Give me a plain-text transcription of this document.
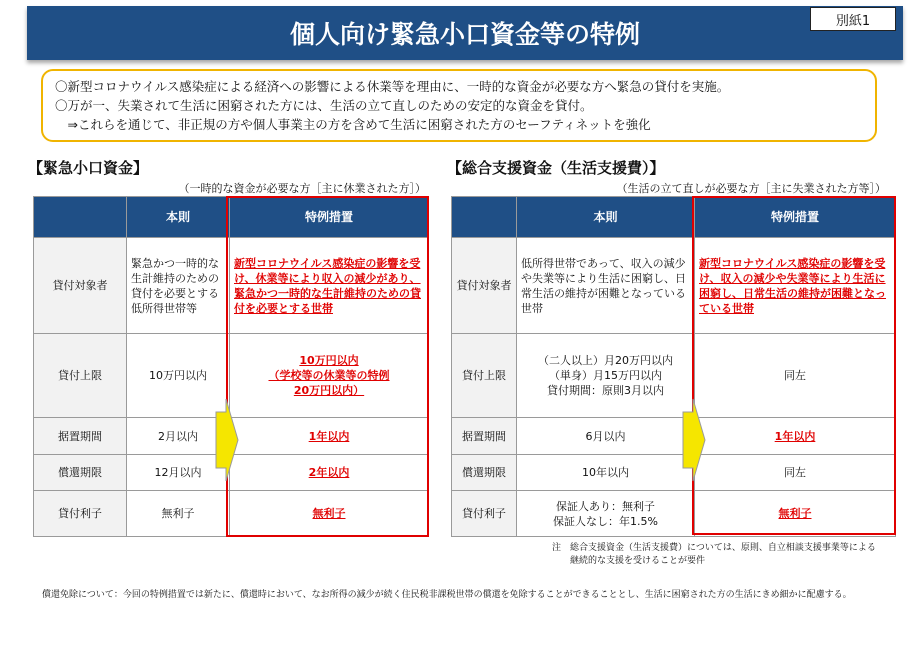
個人向け緊急小口資金等の特例	別紙1
〇新型コロナウイルス感染症による経済への影響による休業等を理由に、一時的な資金が必要な方へ緊急の貸付を実施。
〇万が一、失業されて生活に困窮された方には、生活の立て直しのための安定的な資金を貸付。
　⇒これらを通じて、非正規の方や個人事業主の方を含めて生活に困窮された方のセーフティネットを強化
【緊急小口資金】
（一時的な資金が必要な方［主に休業された方］）
	本則	特例措置
貸付対象者	緊急かつ一時的な生計維持のための貸付を必要とする低所得世帯等	新型コロナウイルス感染症の影響を受け、休業等により収入の減少があり、緊急かつ一時的な生計維持のための貸付を必要とする世帯
貸付上限	10万円以内	10万円以内
（学校等の休業等の特例
20万円以内）

据置期間	2月以内	1年以内
償還期限	12月以内	2年以内
貸付利子	無利子	無利子
【総合支援資金（生活支援費）】
（生活の立て直しが必要な方［主に失業された方等］）
	本則	特例措置
貸付対象者	低所得世帯であって、収入の減少や失業等により生活に困窮し、日常生活の維持が困難となっている世帯	新型コロナウイルス感染症の影響を受け、収入の減少や失業等により生活に困窮し、日常生活の維持が困難となっている世帯
貸付上限	（二人以上）月20万円以内
（単身）月15万円以内
貸付期間：原則3月以内	同左
据置期間	6月以内	1年以内
償還期限	10年以内	同左
貸付利子	保証人あり：無利子
保証人なし：年1.5%	無利子
注　総合支援資金（生活支援費）については、原則、自立相談支援事業等による
　　継続的な支援を受けることが要件
償還免除について：今回の特例措置では新たに、償還時において、なお所得の減少が続く住民税非課税世帯の償還を免除することができることとし、生活に困窮された方の生活にきめ細かに配慮する。
